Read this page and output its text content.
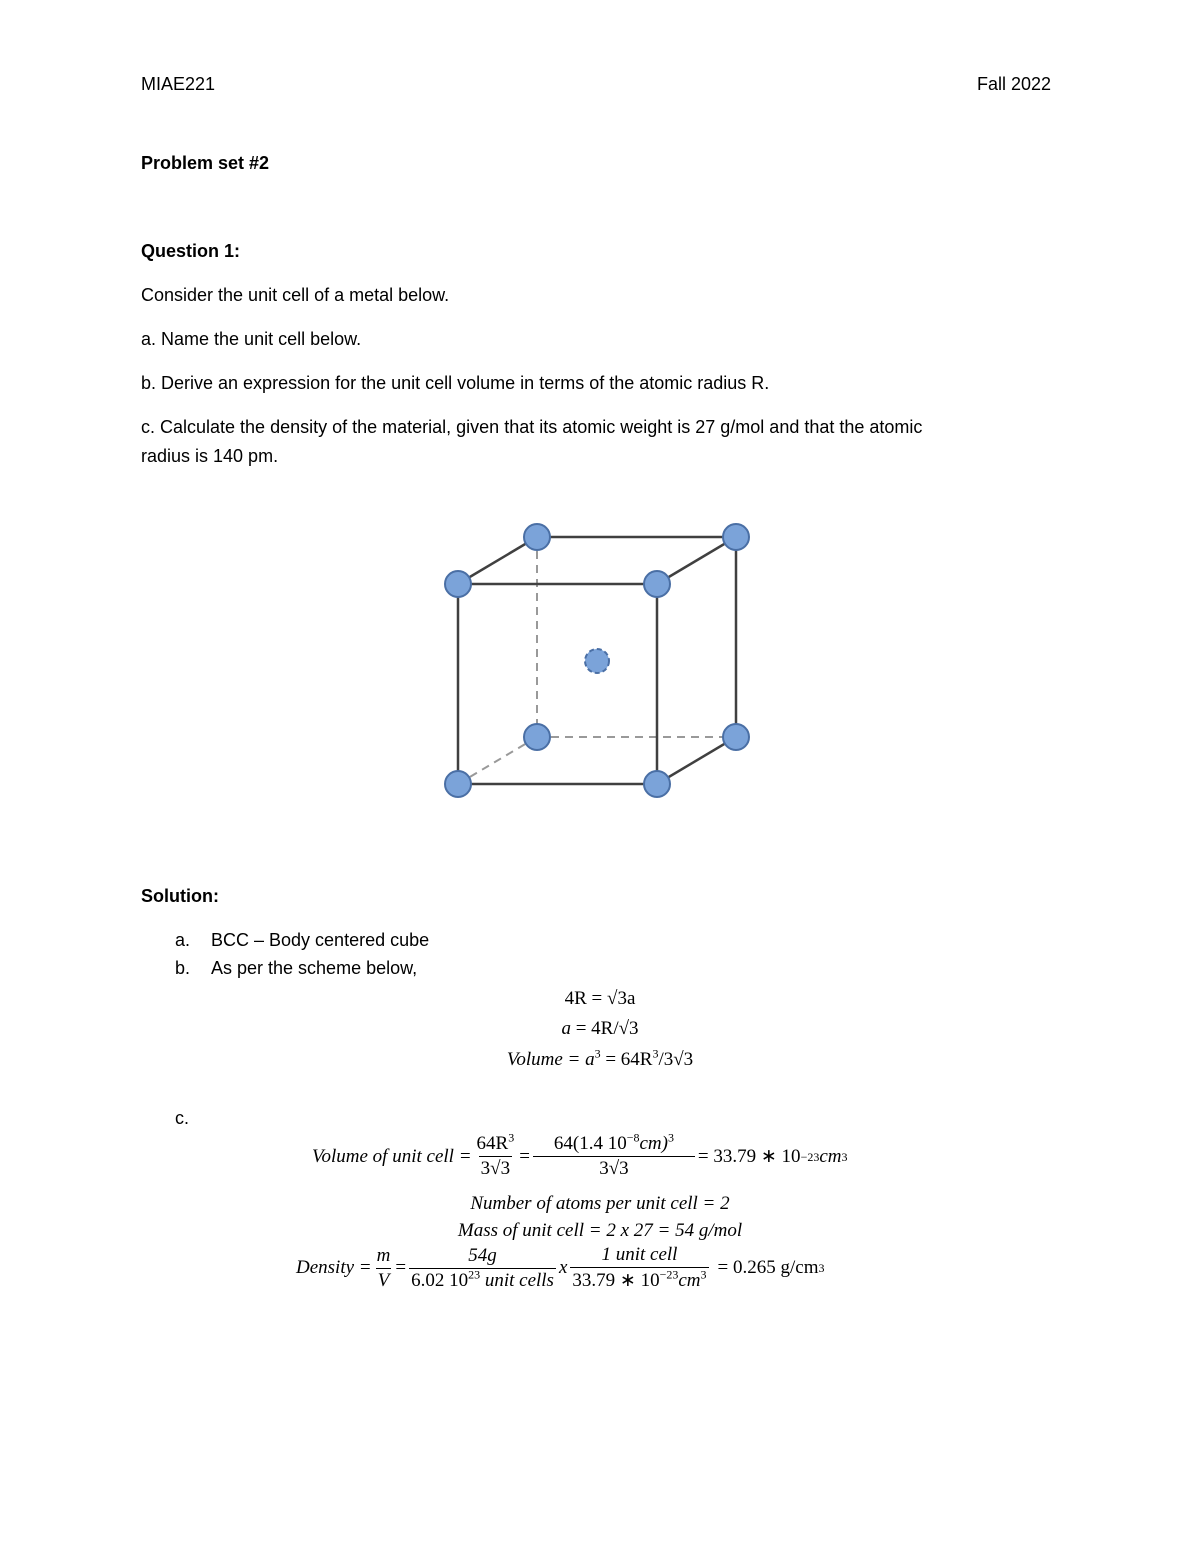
MIAE221	Fall 2022
Problem set #2
Question 1:
Consider the unit cell of a metal below.
a. Name the unit cell below.
b. Derive an expression for the unit cell volume in terms of the atomic radius R.
c. Calculate the density of the material, given that its atomic weight is 27 g/mol and that the atomic
radius is 140 pm.
Solution:
a. BCC – Body centered cube
b. As per the scheme below,
4R = √3a
a = 4R/√3
Volume = $a^3 = 64R^3/3√3$
c.
Volume of unit cell = $\frac{64R^3}{3√3} = \frac{64(1.4 10^{-8}cm)^3}{3√3} = 33.79$ ∗ 10 −23 cm 3
Number of atoms per unit cell = 2
Mass of unit cell = 2 x 27 = 54 g/mol
Density = $\frac{m}{V} = \frac{54g}{6.02 10^{23} unit cells}$ x $\frac{\text{1 unit cell}}{33.79 ∗ 10^{-23}cm^3} = 0.265$ g/cm 3
